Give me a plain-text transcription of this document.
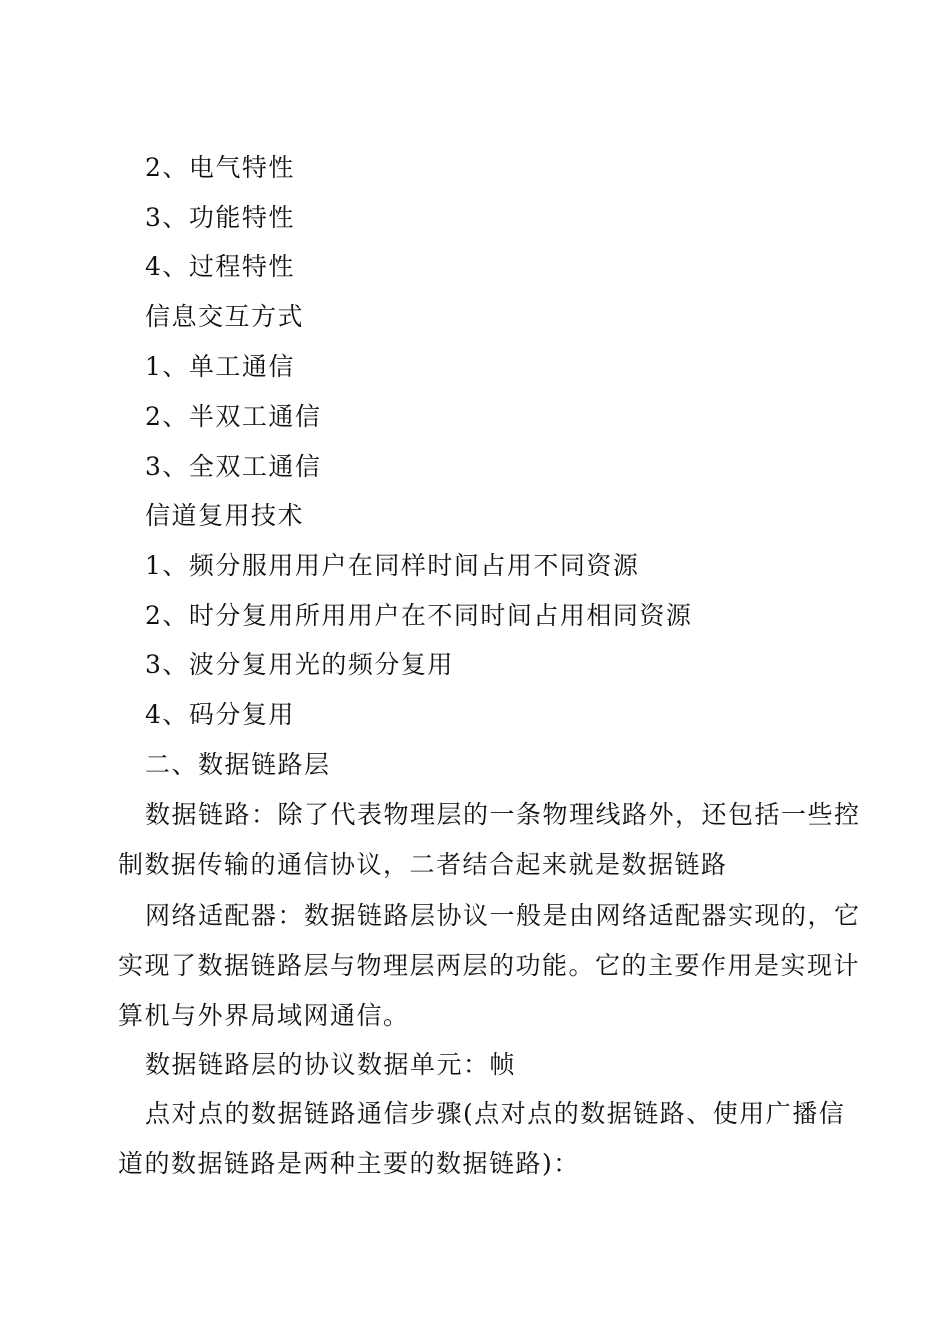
2、电气特性
3、功能特性
4、过程特性
信息交互方式
1、单工通信
2、半双工通信
3、全双工通信
信道复用技术
1、频分服用用户在同样时间占用不同资源
2、时分复用所用用户在不同时间占用相同资源
3、波分复用光的频分复用
4、码分复用
二、数据链路层
数据链路：除了代表物理层的一条物理线路外，还包括一些控
制数据传输的通信协议，二者结合起来就是数据链路
网络适配器：数据链路层协议一般是由网络适配器实现的，它
实现了数据链路层与物理层两层的功能。它的主要作用是实现计
算机与外界局域网通信。
数据链路层的协议数据单元：帧
点对点的数据链路通信步骤(点对点的数据链路、使用广播信
道的数据链路是两种主要的数据链路)：
